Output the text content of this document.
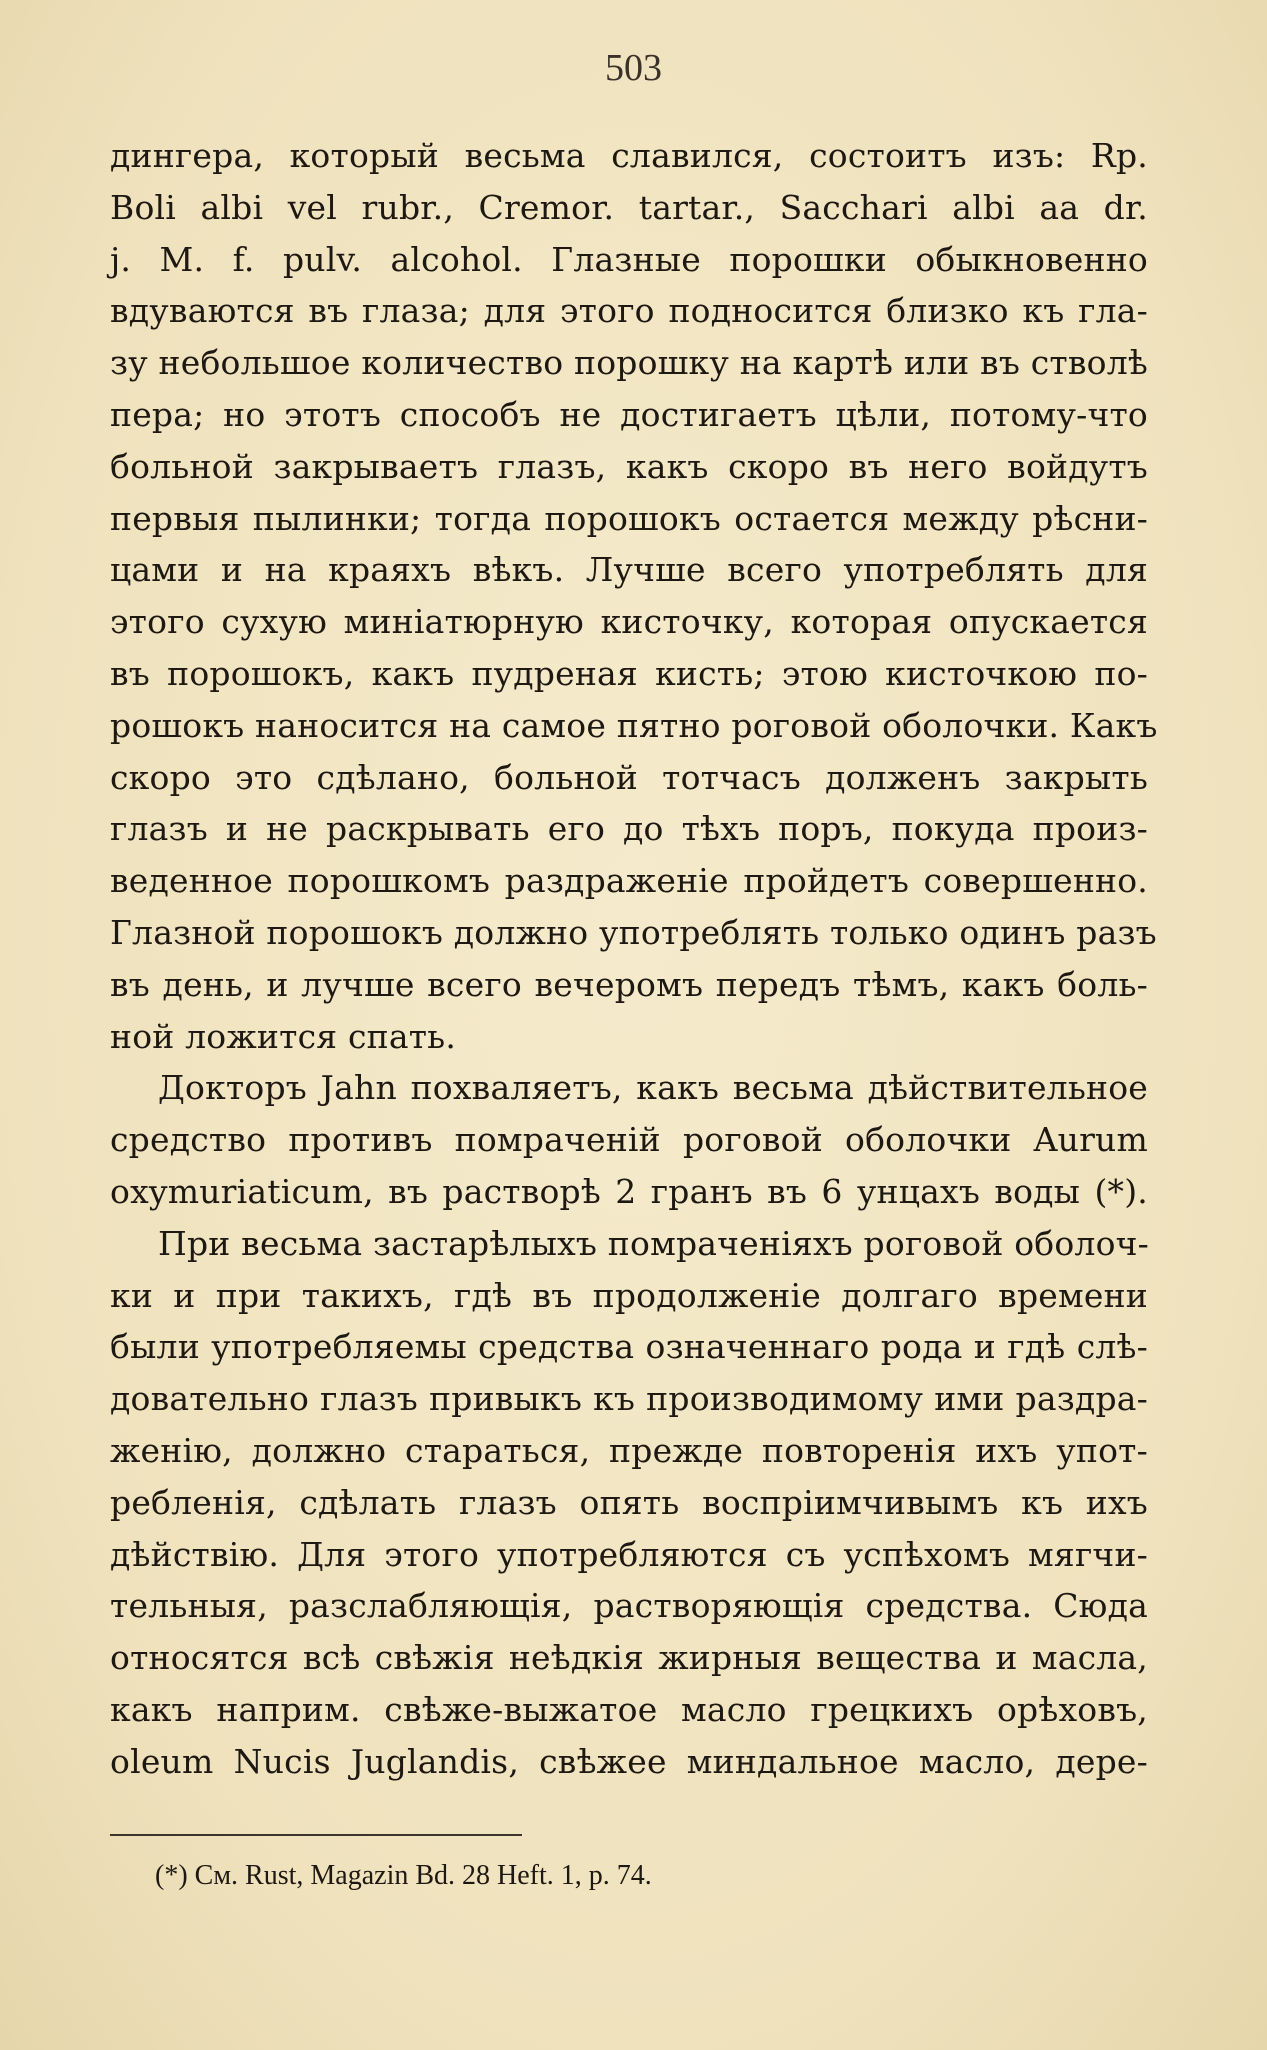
503
дингера, который весьма славился, состоитъ изъ: Rp.
Boli albi vel rubr., Cremor. tartar., Sacchari albi aa dr.
j. M. f. pulv. alcohol. Глазные порошки обыкновенно
вдуваются въ глаза; для этого подносится близко къ гла-
зу небольшое количество порошку на картѣ или въ стволѣ
пера; но этотъ способъ не достигаетъ цѣли, потому-что
больной закрываетъ глазъ, какъ скоро въ него войдутъ
первыя пылинки; тогда порошокъ остается между рѣсни-
цами и на краяхъ вѣкъ. Лучше всего употреблять для
этого сухую миніатюрную кисточку, которая опускается
въ порошокъ, какъ пудреная кисть; этою кисточкою по-
рошокъ наносится на самое пятно роговой оболочки. Какъ
скоро это сдѣлано, больной тотчасъ долженъ закрыть
глазъ и не раскрывать его до тѣхъ поръ, покуда произ-
веденное порошкомъ раздраженіе пройдетъ совершенно.
Глазной порошокъ должно употреблять только одинъ разъ
въ день, и лучше всего вечеромъ передъ тѣмъ, какъ боль-
ной ложится спать.
Докторъ Jahn похваляетъ, какъ весьма дѣйствительное
средство противъ помраченій роговой оболочки Aurum
oxymuriaticum, въ растворѣ 2 гранъ въ 6 унцахъ воды (*).
При весьма застарѣлыхъ помраченіяхъ роговой оболоч-
ки и при такихъ, гдѣ въ продолженіе долгаго времени
были употребляемы средства означеннаго рода и гдѣ слѣ-
довательно глазъ привыкъ къ производимому ими раздра-
женію, должно стараться, прежде повторенія ихъ упот-
ребленія, сдѣлать глазъ опять воспріимчивымъ къ ихъ
дѣйствію. Для этого употребляются съ успѣхомъ мягчи-
тельныя, разслабляющія, растворяющія средства. Сюда
относятся всѣ свѣжія неѣдкія жирныя вещества и масла,
какъ наприм. свѣже-выжатое масло грецкихъ орѣховъ,
oleum Nucis Juglandis, свѣжее миндальное масло, дере-
(*) См. Rust, Magazin Bd. 28 Heft. 1, p. 74.
